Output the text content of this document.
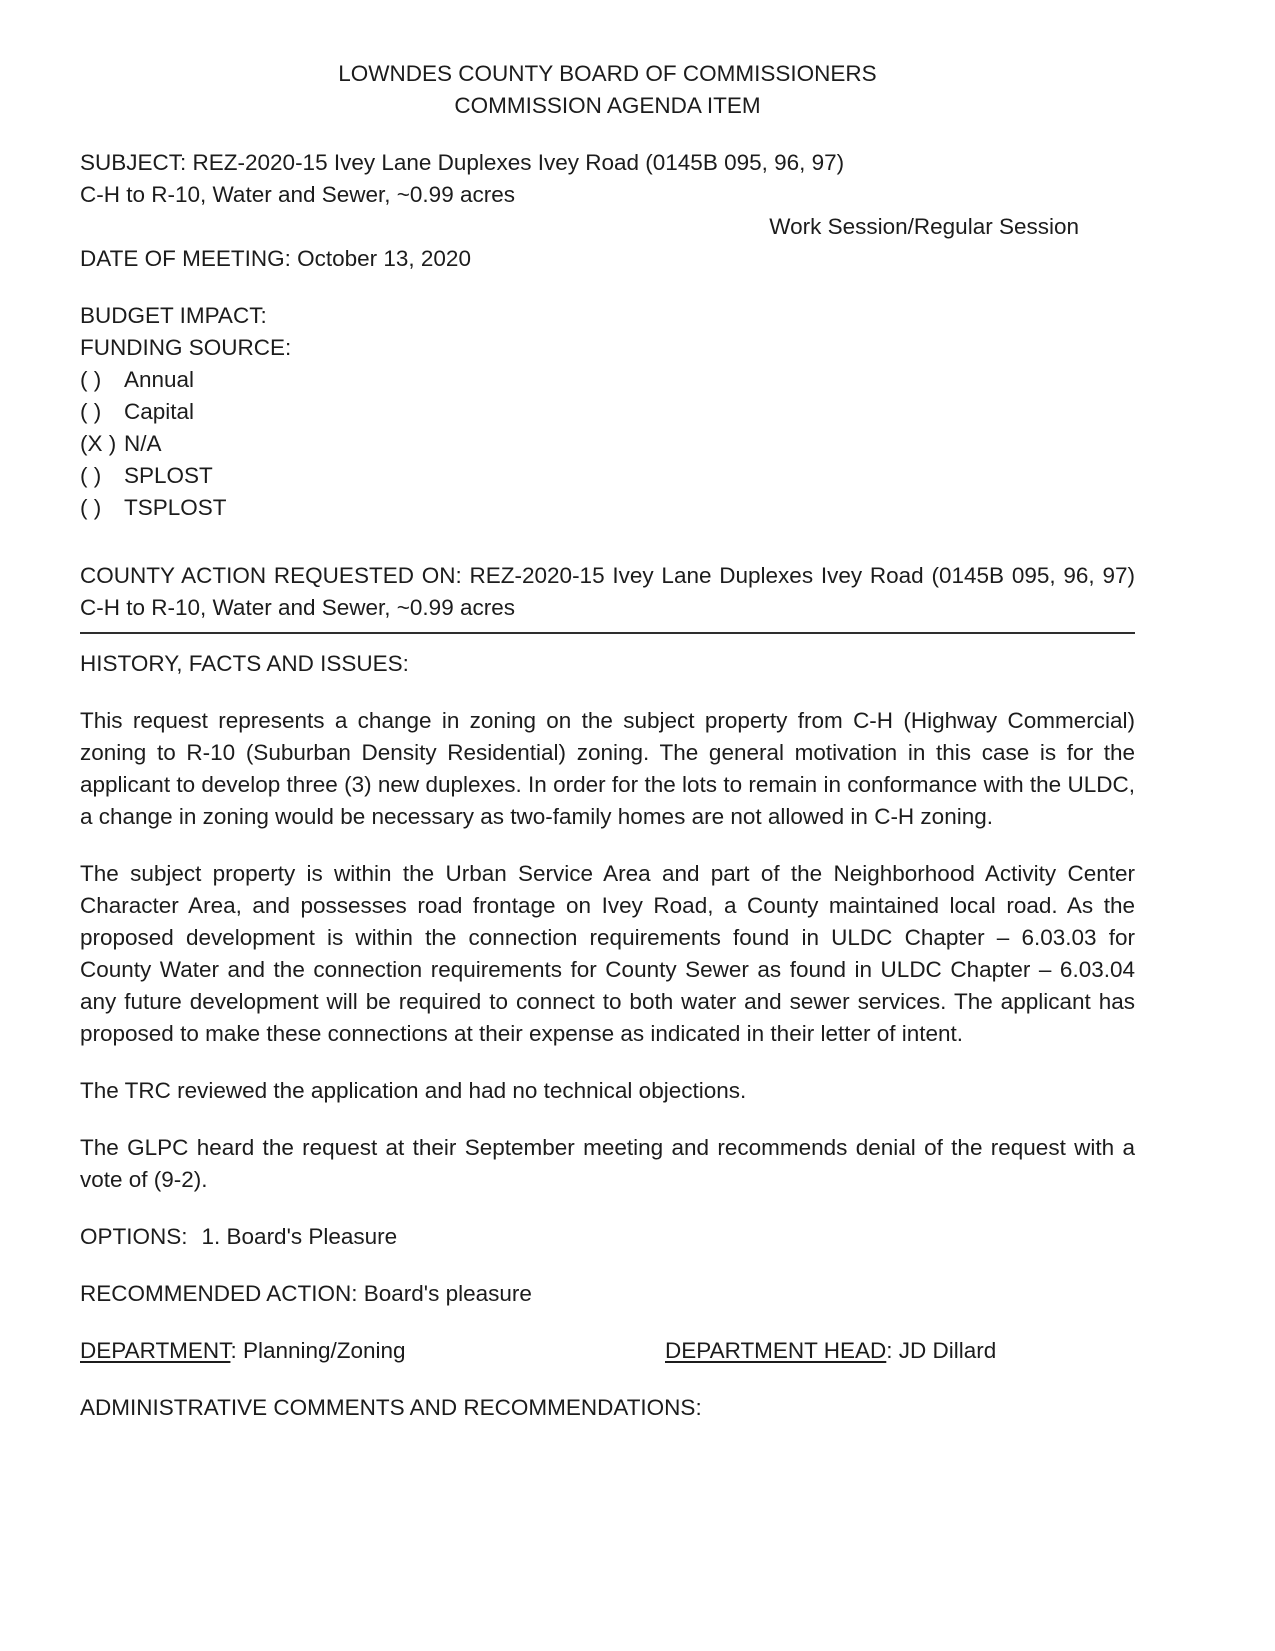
LOWNDES COUNTY BOARD OF COMMISSIONERS
COMMISSION AGENDA ITEM
SUBJECT: REZ-2020-15 Ivey Lane Duplexes Ivey Road (0145B 095, 96, 97)
C-H to R-10, Water and Sewer, ~0.99 acres
Work Session/Regular Session
DATE OF MEETING: October 13, 2020
BUDGET IMPACT:
FUNDING SOURCE:
( ) Annual
( ) Capital
(X ) N/A
( ) SPLOST
( ) TSPLOST
COUNTY ACTION REQUESTED ON: REZ-2020-15 Ivey Lane Duplexes Ivey Road (0145B 095, 96, 97) C-H to R-10, Water and Sewer, ~0.99 acres
HISTORY, FACTS AND ISSUES:
This request represents a change in zoning on the subject property from C-H (Highway Commercial) zoning to R-10 (Suburban Density Residential) zoning. The general motivation in this case is for the applicant to develop three (3) new duplexes. In order for the lots to remain in conformance with the ULDC, a change in zoning would be necessary as two-family homes are not allowed in C-H zoning.
The subject property is within the Urban Service Area and part of the Neighborhood Activity Center Character Area, and possesses road frontage on Ivey Road, a County maintained local road. As the proposed development is within the connection requirements found in ULDC Chapter – 6.03.03 for County Water and the connection requirements for County Sewer as found in ULDC Chapter – 6.03.04 any future development will be required to connect to both water and sewer services. The applicant has proposed to make these connections at their expense as indicated in their letter of intent.
The TRC reviewed the application and had no technical objections.
The GLPC heard the request at their September meeting and recommends denial of the request with a vote of (9-2).
OPTIONS: 1. Board's Pleasure
RECOMMENDED ACTION: Board's pleasure
DEPARTMENT: Planning/Zoning	DEPARTMENT HEAD: JD Dillard
ADMINISTRATIVE COMMENTS AND RECOMMENDATIONS:
